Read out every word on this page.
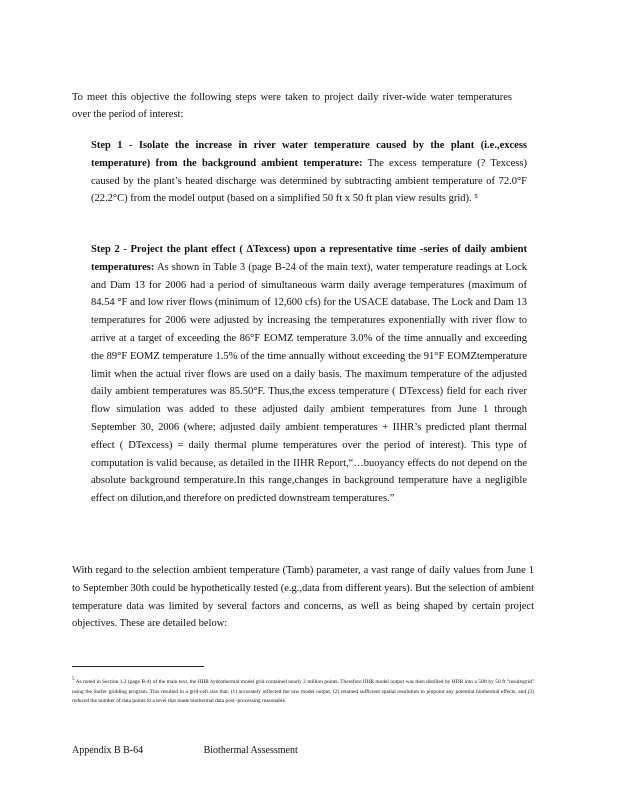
To meet this objective the following steps were taken to project daily river-wide water temperatures over the period of interest:

Step 1 - Isolate the increase in river water temperature caused by the plant (i.e.,excess temperature) from the background ambient temperature: The excess temperature (? Texcess) caused by the plant’s heated discharge was determined by subtracting ambient temperature of 72.0°F (22.2°C) from the model output (based on a simplified 50 ft x 50 ft plan view results grid). ⁵

Step 2 - Project the plant effect ( ΔTexcess) upon a representative time -series of daily ambient temperatures: As shown in Table 3 (page B-24 of the main text), water temperature readings at Lock and Dam 13 for 2006 had a period of simultaneous warm daily average temperatures (maximum of 84.54 °F and low river flows (minimum of 12,600 cfs) for the USACE database. The Lock and Dam 13 temperatures for 2006 were adjusted by increasing the temperatures exponentially with river flow to arrive at a target of exceeding the 86°F EOMZ temperature 3.0% of the time annually and exceeding the 89°F EOMZ temperature 1.5% of the time annually without exceeding the 91°F EOMZtemperature limit when the actual river flows are used on a daily basis. The maximum temperature of the adjusted daily ambient temperatures was 85.50°F. Thus,the excess temperature ( DTexcess) field for each river flow simulation was added to these adjusted daily ambient temperatures from June 1 through September 30, 2006 (where; adjusted daily ambient temperatures + IIHR’s predicted plant thermal effect ( DTexcess) = daily thermal plume temperatures over the period of interest). This type of computation is valid because, as detailed in the IIHR Report,“…buoyancy effects do not depend on the absolute background temperature.In this range,changes in background temperature have a negligible effect on dilution,and therefore on predicted downstream temperatures.”

With regard to the selection ambient temperature (Tamb) parameter, a vast range of daily values from June 1 to September 30th could be hypothetically tested (e.g.,data from different years). But the selection of ambient temperature data was limited by several factors and concerns, as well as being shaped by certain project objectives. These are detailed below:

5 As noted in Section 1.2 (page B-4) of the main text, the IIHR hydrothermal model grid contained nearly 2 million points. Therefore IIHR model output was then distilled by HDR into a 50ft by 50 ft "resultsgrid" using the Surfer gridding program. This resulted in a grid-cell size that; (1) accurately reflected the raw model output, (2) retained sufficient spatial resolution to pinpoint any potential biothermal effects, and (3) reduced the number of data points to a level that made biothermal data post -processing reasonable.

Appendix B B-64	Biothermal Assessment
